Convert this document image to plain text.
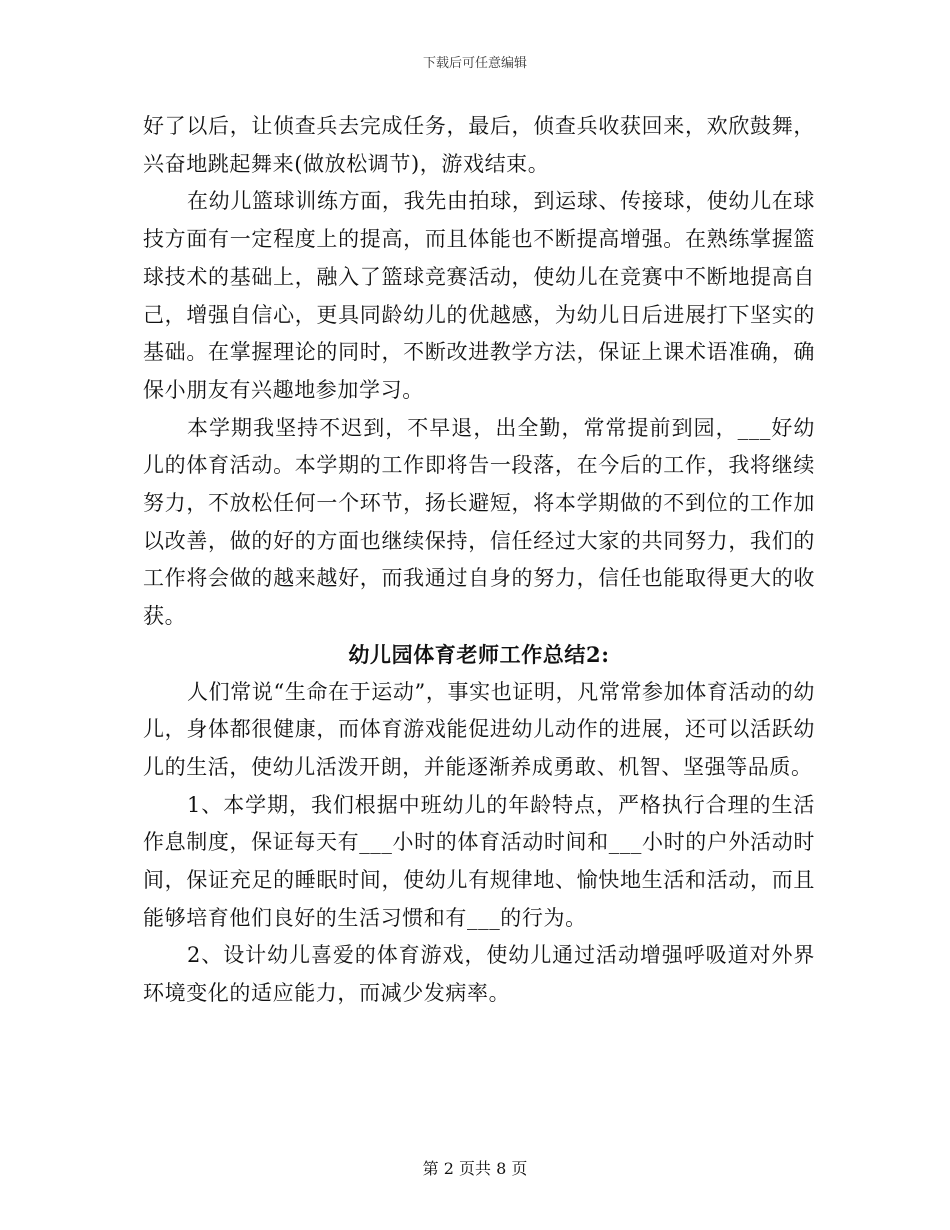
下载后可任意编辑

好了以后，让侦查兵去完成任务，最后，侦查兵收获回来，欢欣鼓舞，兴奋地跳起舞来(做放松调节)，游戏结束。

在幼儿篮球训练方面，我先由拍球，到运球、传接球，使幼儿在球技方面有一定程度上的提高，而且体能也不断提高增强。在熟练掌握篮球技术的基础上，融入了篮球竞赛活动，使幼儿在竞赛中不断地提高自己，增强自信心，更具同龄幼儿的优越感，为幼儿日后进展打下坚实的基础。在掌握理论的同时，不断改进教学方法，保证上课术语准确，确保小朋友有兴趣地参加学习。

本学期我坚持不迟到，不早退，出全勤，常常提前到园，___好幼儿的体育活动。本学期的工作即将告一段落，在今后的工作，我将继续努力，不放松任何一个环节，扬长避短，将本学期做的不到位的工作加以改善，做的好的方面也继续保持，信任经过大家的共同努力，我们的工作将会做的越来越好，而我通过自身的努力，信任也能取得更大的收获。

幼儿园体育老师工作总结2:

人们常说“生命在于运动”，事实也证明，凡常常参加体育活动的幼儿，身体都很健康，而体育游戏能促进幼儿动作的进展，还可以活跃幼儿的生活，使幼儿活泼开朗，并能逐渐养成勇敢、机智、坚强等品质。

1、本学期，我们根据中班幼儿的年龄特点，严格执行合理的生活作息制度，保证每天有___小时的体育活动时间和___小时的户外活动时间，保证充足的睡眠时间，使幼儿有规律地、愉快地生活和活动，而且能够培育他们良好的生活习惯和有___的行为。

2、设计幼儿喜爱的体育游戏，使幼儿通过活动增强呼吸道对外界环境变化的适应能力，而减少发病率。

第 2 页共 8 页
